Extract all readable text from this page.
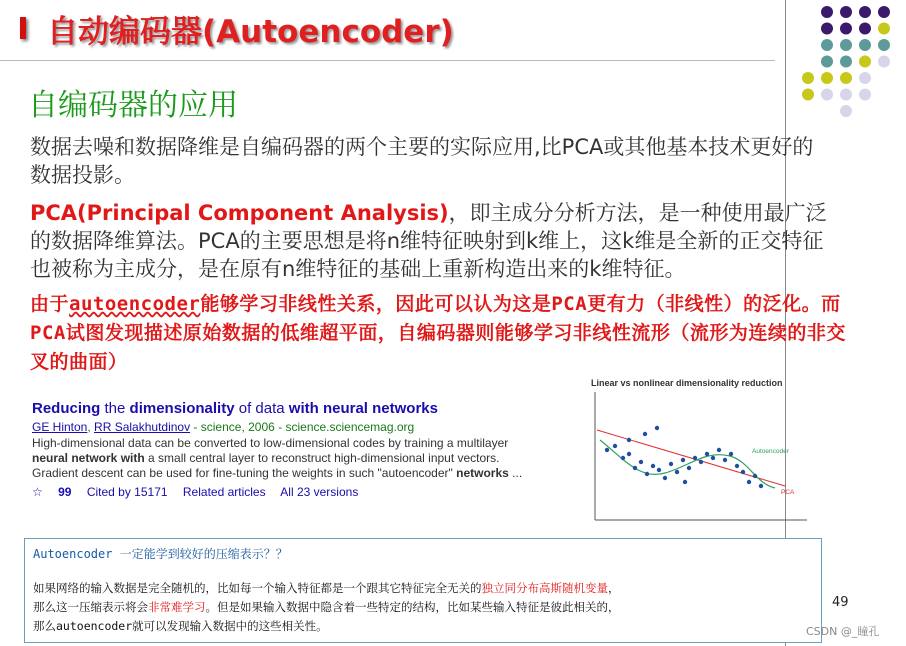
自动编码器(Autoencoder)
自编码器的应用
数据去噪和数据降维是自编码器的两个主要的实际应用,比PCA或其他基本技术更好的数据投影。
PCA(Principal Component Analysis)，即主成分分析方法，是一种使用最广泛的数据降维算法。PCA的主要思想是将n维特征映射到k维上，这k维是全新的正交特征也被称为主成分，是在原有n维特征的基础上重新构造出来的k维特征。
由于autoencoder能够学习非线性关系，因此可以认为这是PCA更有力（非线性）的泛化。而PCA试图发现描述原始数据的低维超平面，自编码器则能够学习非线性流形（流形为连续的非交叉的曲面）
Reducing the dimensionality of data with neural networks
GE Hinton, RR Salakhutdinov - science, 2006 - science.sciencemag.org
High-dimensional data can be converted to low-dimensional codes by training a multilayer
neural network with a small central layer to reconstruct high-dimensional input vectors.
Gradient descent can be used for fine-tuning the weights in such "autoencoder" networks ...
☆ 99 Cited by 15171 Related articles All 23 versions
Linear vs nonlinear dimensionality reduction
Autoencoder
PCA
Autoencoder 一定能学到较好的压缩表示？？
如果网络的输入数据是完全随机的，比如每一个输入特征都是一个跟其它特征完全无关的独立同分布高斯随机变量，
那么这一压缩表示将会非常难学习。但是如果输入数据中隐含着一些特定的结构，比如某些输入特征是彼此相关的，
那么autoencoder就可以发现输入数据中的这些相关性。
49
CSDN @_瞳孔
